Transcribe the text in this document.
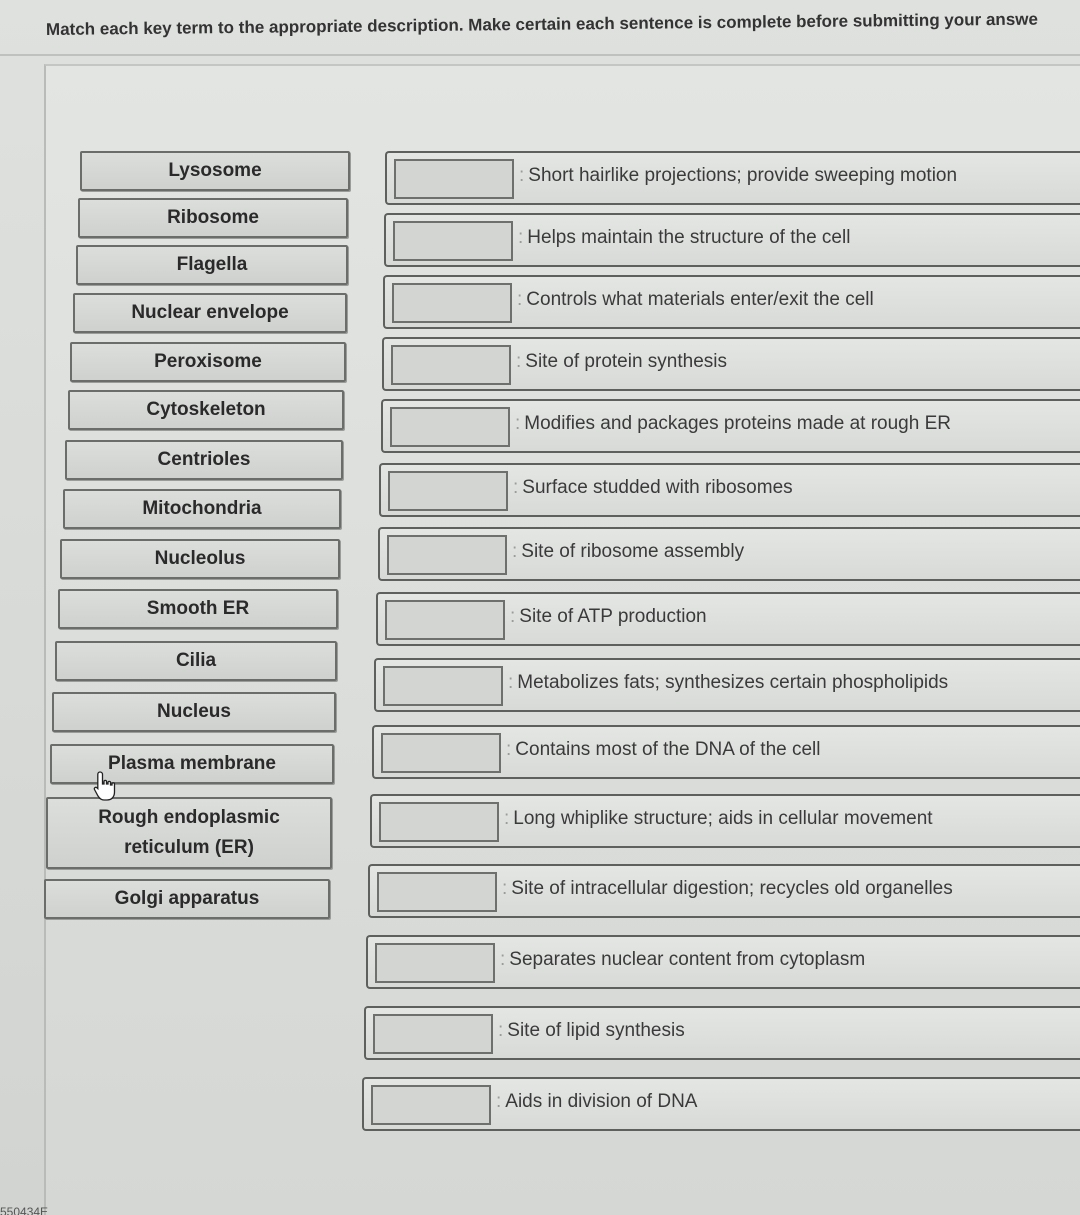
Match each key term to the appropriate description. Make certain each sentence is complete before submitting your answe
Lysosome
Ribosome
Flagella
Nuclear envelope
Peroxisome
Cytoskeleton
Centrioles
Mitochondria
Nucleolus
Smooth ER
Cilia
Nucleus
Plasma membrane
Rough endoplasmic reticulum (ER)
Golgi apparatus
: Short hairlike projections; provide sweeping motion
: Helps maintain the structure of the cell
: Controls what materials enter/exit the cell
: Site of protein synthesis
: Modifies and packages proteins made at rough ER
: Surface studded with ribosomes
: Site of ribosome assembly
: Site of ATP production
: Metabolizes fats; synthesizes certain phospholipids
: Contains most of the DNA of the cell
: Long whiplike structure; aids in cellular movement
: Site of intracellular digestion; recycles old organelles
: Separates nuclear content from cytoplasm
: Site of lipid synthesis
: Aids in division of DNA
550434E
